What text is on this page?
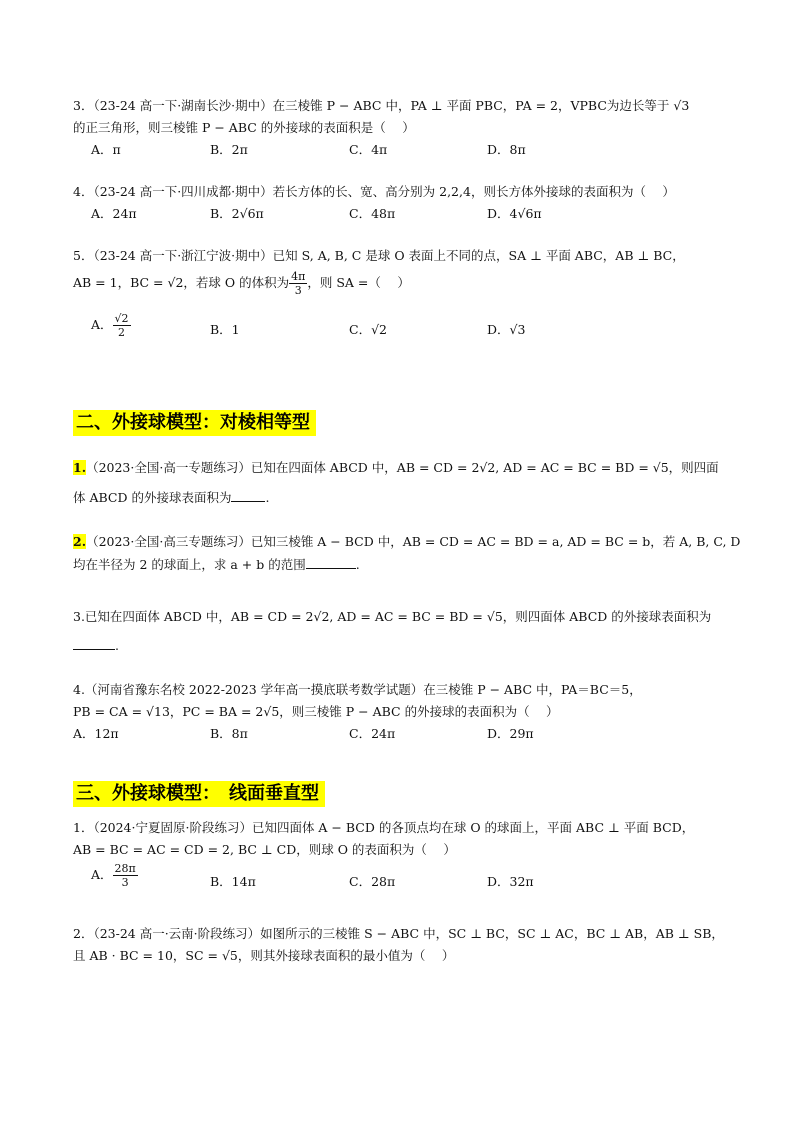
3．（23-24 高一下·湖南长沙·期中）在三棱锥 P − ABC 中，PA ⊥ 平面 PBC，PA = 2，VPBC为边长等于 √3
的正三角形，则三棱锥 P − ABC 的外接球的表面积是（　 ）
A．π	B．2π	C．4π	D．8π
4．（23-24 高一下·四川成都·期中）若长方体的长、宽、高分别为 2,2,4，则长方体外接球的表面积为（　 ）
A．24π	B．2√6π	C．48π	D．4√6π
5．（23-24 高一下·浙江宁波·期中）已知 S, A, B, C 是球 O 表面上不同的点，SA ⊥ 平面 ABC，AB ⊥ BC，
AB = 1，BC = √2，若球 O 的体积为 $\frac{4\pi}{3}$ ，则 SA =（　 ）
A． $\frac{√2}{2}$	B．1	C．√2	D．√3
二、外接球模型：对棱相等型
1.（2023·全国·高一专题练习）已知在四面体 ABCD 中，AB = CD = 2√2, AD = AC = BC = BD = √5，则四面
体 ABCD 的外接球表面积为	.
2.（2023·全国·高三专题练习）已知三棱锥 A − BCD 中，AB = CD = AC = BD = a, AD = BC = b，若 A, B, C, D
均在半径为 2 的球面上，求 a + b 的范围	.
3.已知在四面体 ABCD 中，AB = CD = 2√2, AD = AC = BC = BD = √5，则四面体 ABCD 的外接球表面积为
.
4.（河南省豫东名校 2022-2023 学年高一摸底联考数学试题）在三棱锥 P − ABC 中，PA＝BC＝5，
PB = CA = √13，PC = BA = 2√5，则三棱锥 P − ABC 的外接球的表面积为（　 ）
A．12π	B．8π	C．24π	D．29π
三、外接球模型：　线面垂直型
1．（2024·宁夏固原·阶段练习）已知四面体 A − BCD 的各顶点均在球 O 的球面上，平面 ABC ⊥ 平面 BCD，
AB = BC = AC = CD = 2, BC ⊥ CD，则球 O 的表面积为（　 ）
A． $\frac{28\pi}{3}$	B．14π	C．28π	D．32π
2．（23-24 高一·云南·阶段练习）如图所示的三棱锥 S − ABC 中，SC ⊥ BC，SC ⊥ AC，BC ⊥ AB，AB ⊥ SB，
且 AB · BC = 10，SC = √5，则其外接球表面积的最小值为（　 ）
